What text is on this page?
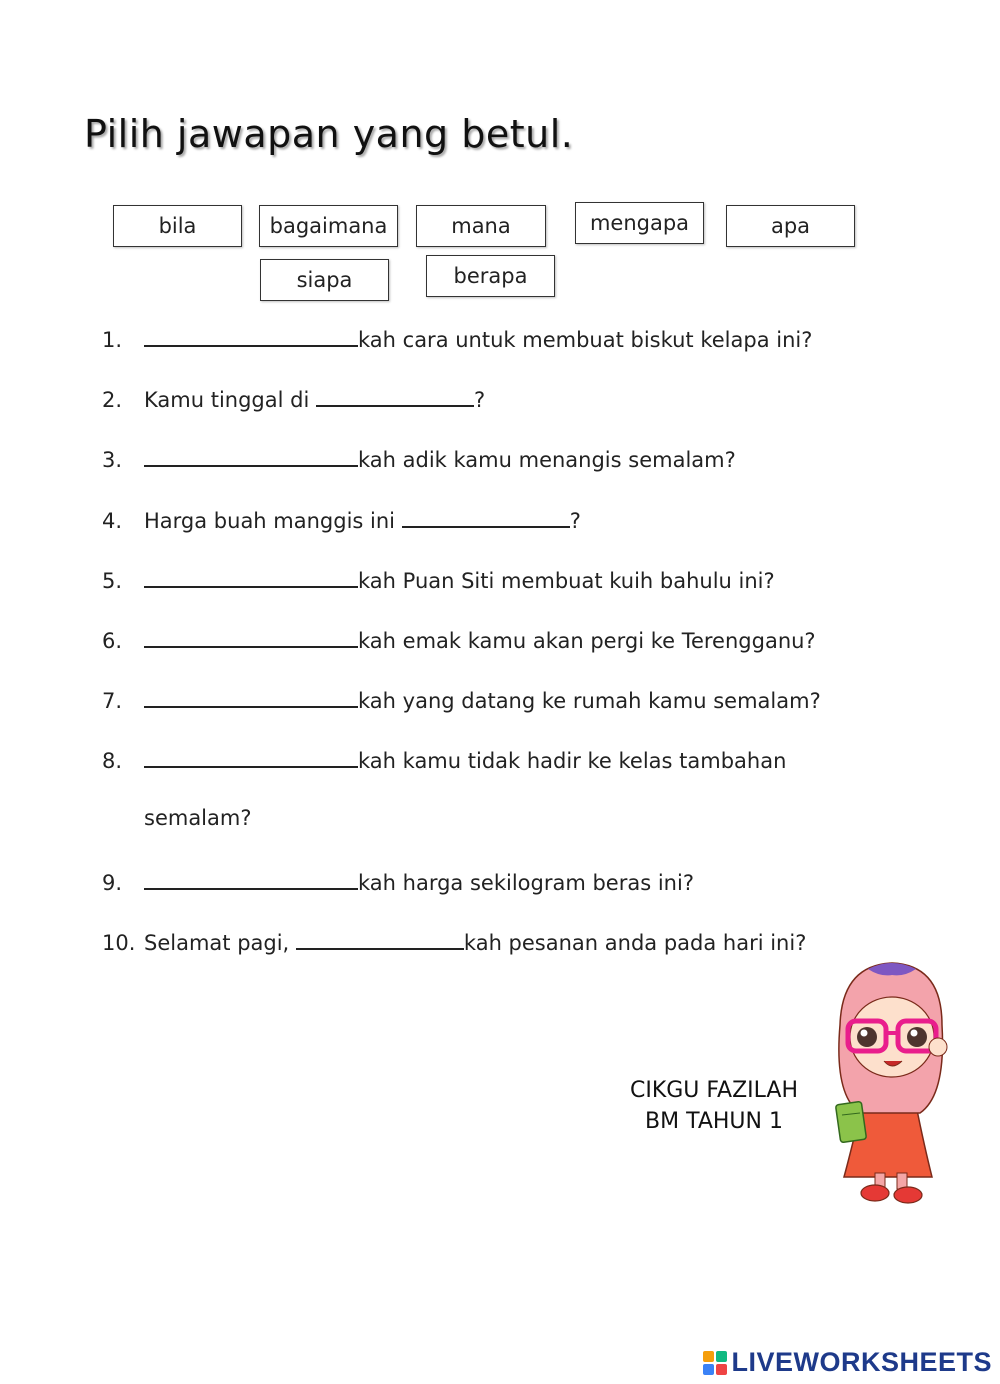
Pilih jawapan yang betul.
bila	bagaimana	mana	mengapa	apa
siapa	berapa
1.	kah cara untuk membuat biskut kelapa ini?
2. Kamu tinggal di	?
3.	kah adik kamu menangis semalam?
4. Harga buah manggis ini	?
5.	kah Puan Siti membuat kuih bahulu ini?
6.	kah emak kamu akan pergi ke Terengganu?
7.	kah yang datang ke rumah kamu semalam?
8.	kah kamu tidak hadir ke kelas tambahan
semalam?
9.	kah harga sekilogram beras ini?
10. Selamat pagi,	kah pesanan anda pada hari ini?
CIKGU FAZILAH
BM TAHUN 1
LIVEWORKSHEETS
